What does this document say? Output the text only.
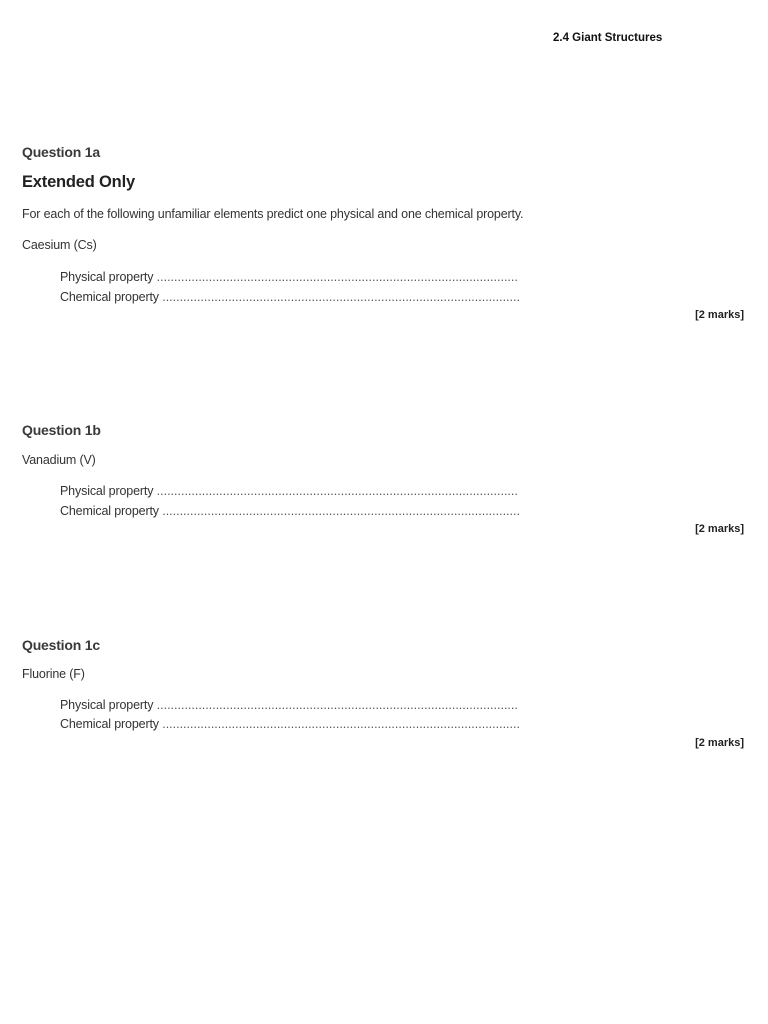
2.4 Giant Structures
Question 1a
Extended Only
For each of the following unfamiliar elements predict one physical and one chemical property.
Caesium (Cs)
Physical property ........................................................................................................
Chemical property .......................................................................................................
[2 marks]
Question 1b
Vanadium (V)
Physical property ........................................................................................................
Chemical property .......................................................................................................
[2 marks]
Question 1c
Fluorine (F)
Physical property ........................................................................................................
Chemical property .......................................................................................................
[2 marks]
